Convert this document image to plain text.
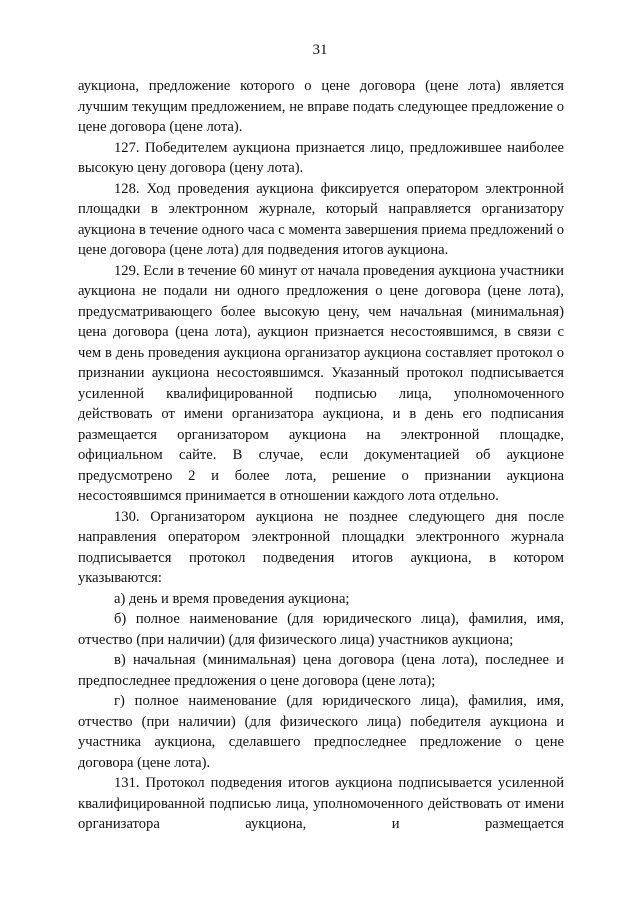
31

аукциона, предложение которого о цене договора (цене лота) является лучшим текущим предложением, не вправе подать следующее предложение о цене договора (цене лота).

127. Победителем аукциона признается лицо, предложившее наиболее высокую цену договора (цену лота).

128. Ход проведения аукциона фиксируется оператором электронной площадки в электронном журнале, который направляется организатору аукциона в течение одного часа с момента завершения приема предложений о цене договора (цене лота) для подведения итогов аукциона.

129. Если в течение 60 минут от начала проведения аукциона участники аукциона не подали ни одного предложения о цене договора (цене лота), предусматривающего более высокую цену, чем начальная (минимальная) цена договора (цена лота), аукцион признается несостоявшимся, в связи с чем в день проведения аукциона организатор аукциона составляет протокол о признании аукциона несостоявшимся. Указанный протокол подписывается усиленной квалифицированной подписью лица, уполномоченного действовать от имени организатора аукциона, и в день его подписания размещается организатором аукциона на электронной площадке, официальном сайте. В случае, если документацией об аукционе предусмотрено 2 и более лота, решение о признании аукциона несостоявшимся принимается в отношении каждого лота отдельно.

130. Организатором аукциона не позднее следующего дня после направления оператором электронной площадки электронного журнала подписывается протокол подведения итогов аукциона, в котором указываются:

а) день и время проведения аукциона;

б) полное наименование (для юридического лица), фамилия, имя, отчество (при наличии) (для физического лица) участников аукциона;

в) начальная (минимальная) цена договора (цена лота), последнее и предпоследнее предложения о цене договора (цене лота);

г) полное наименование (для юридического лица), фамилия, имя, отчество (при наличии) (для физического лица) победителя аукциона и участника аукциона, сделавшего предпоследнее предложение о цене договора (цене лота).

131. Протокол подведения итогов аукциона подписывается усиленной квалифицированной подписью лица, уполномоченного действовать от имени организатора аукциона, и размещается
